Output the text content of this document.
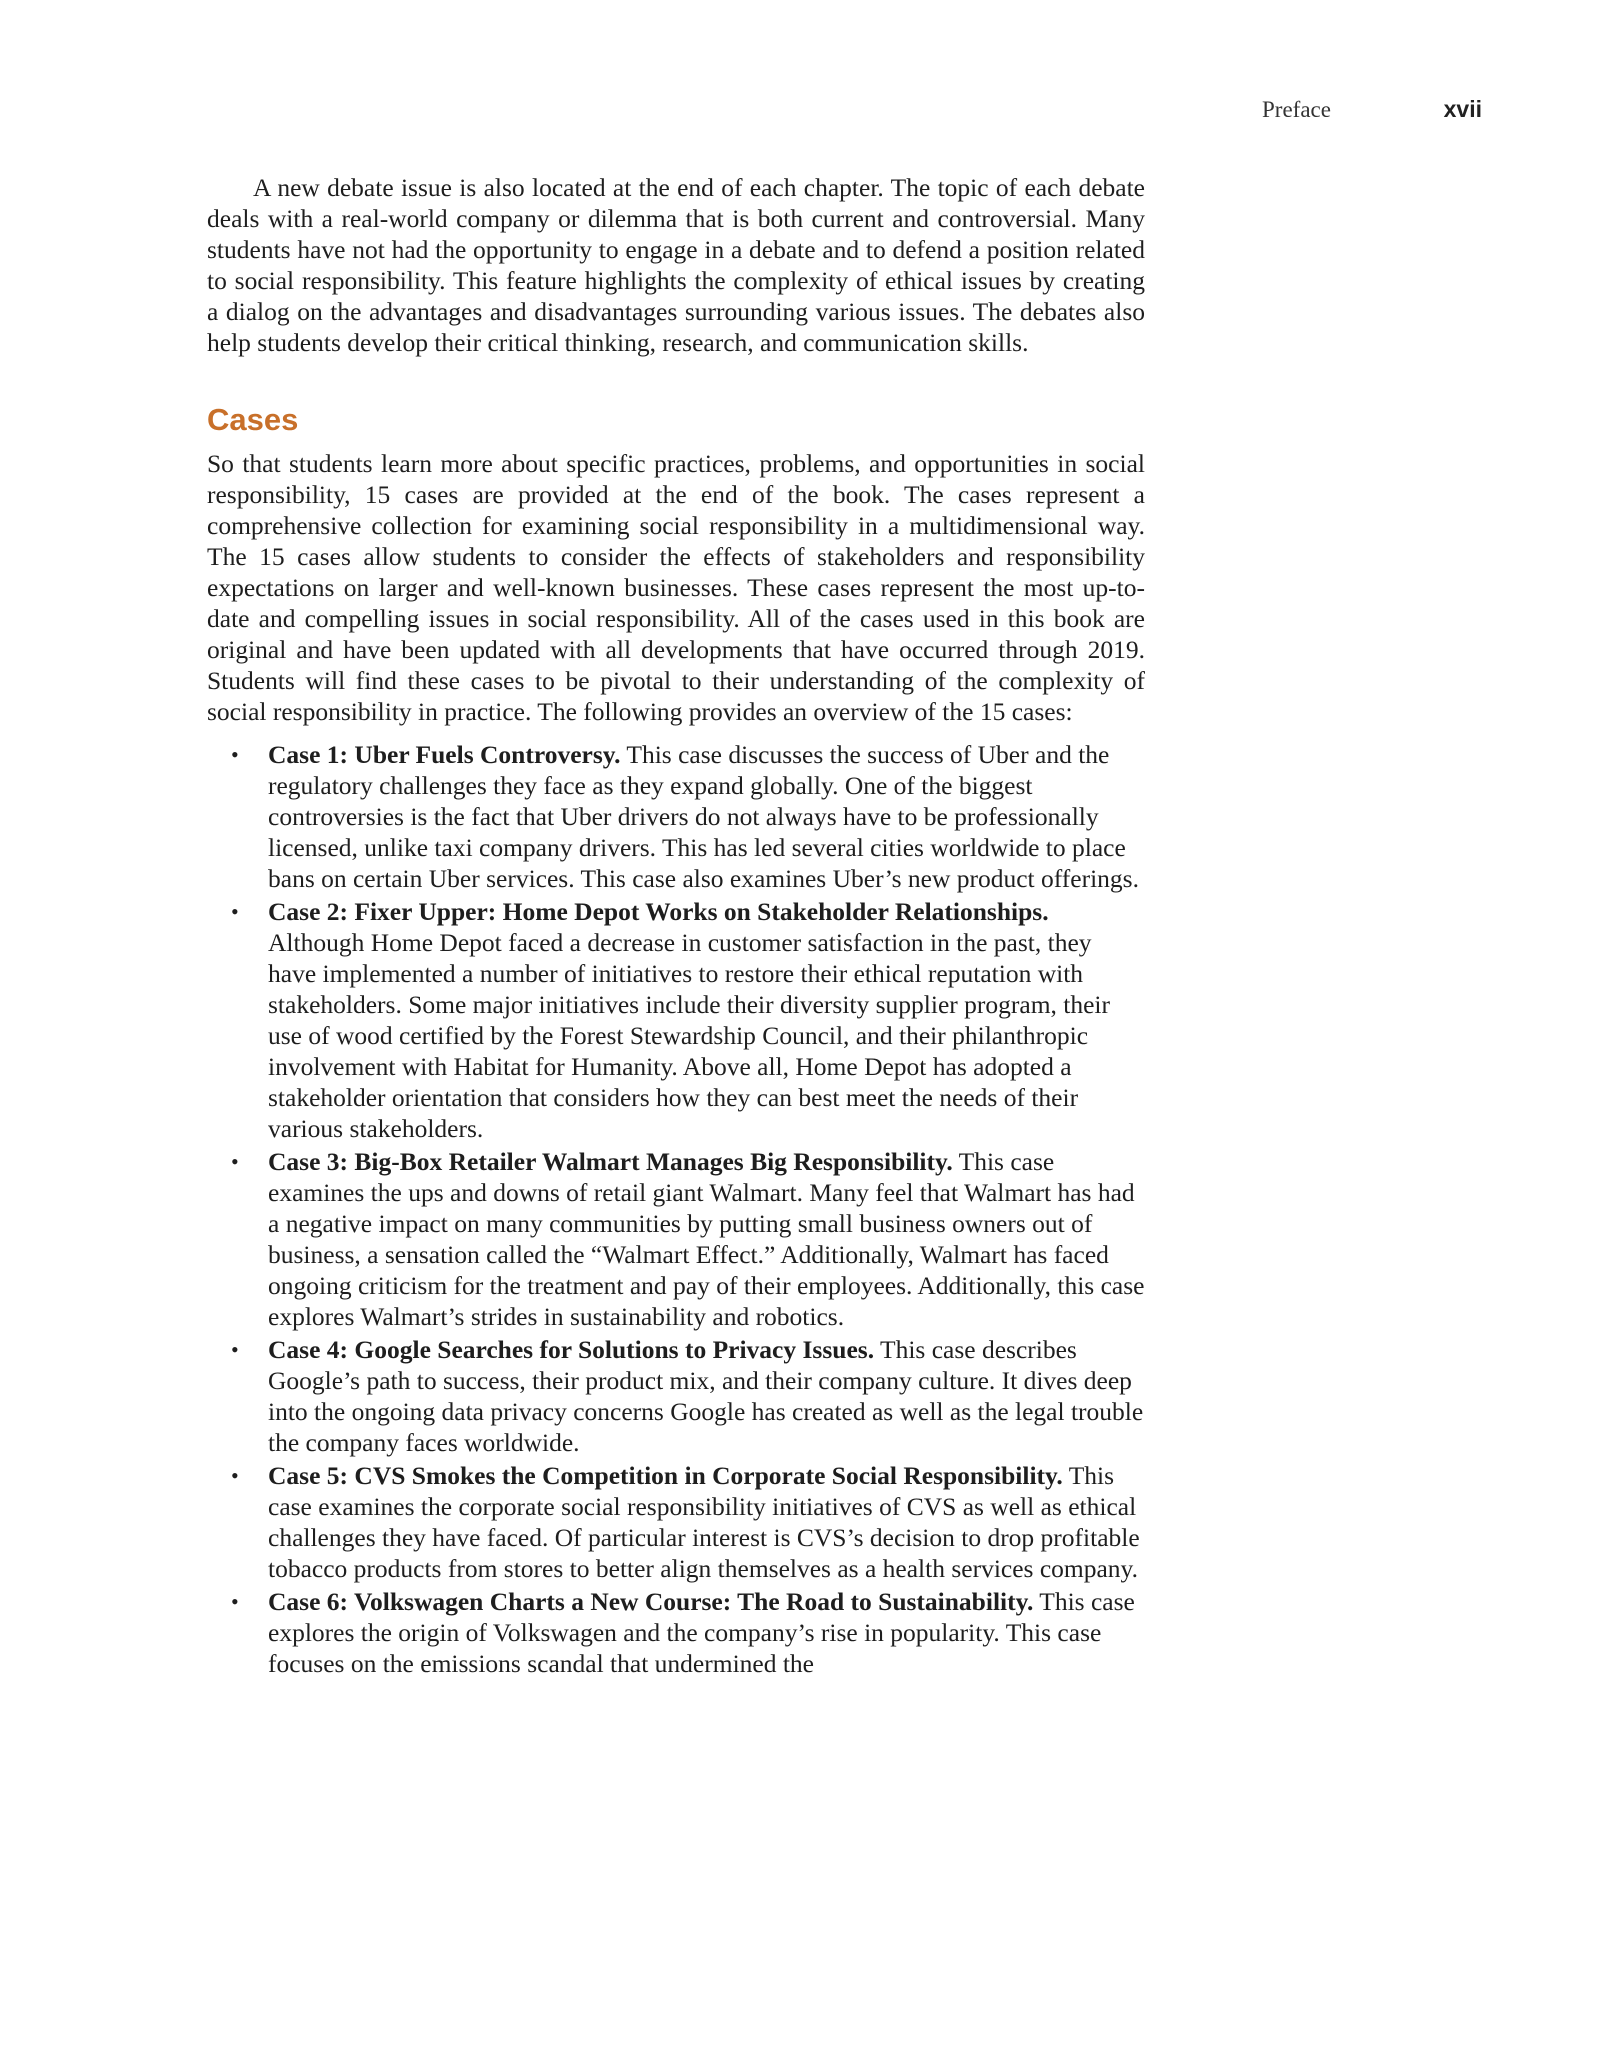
Preface	xvii

A new debate issue is also located at the end of each chapter. The topic of each debate deals with a real-world company or dilemma that is both current and controversial. Many students have not had the opportunity to engage in a debate and to defend a position related to social responsibility. This feature highlights the complexity of ethical issues by creating a dialog on the advantages and disadvantages surrounding various issues. The debates also help students develop their critical thinking, research, and communication skills.

Cases

So that students learn more about specific practices, problems, and opportunities in social responsibility, 15 cases are provided at the end of the book. The cases represent a comprehensive collection for examining social responsibility in a multidimensional way. The 15 cases allow students to consider the effects of stakeholders and responsibility expectations on larger and well-known businesses. These cases represent the most up-to-date and compelling issues in social responsibility. All of the cases used in this book are original and have been updated with all developments that have occurred through 2019. Students will find these cases to be pivotal to their understanding of the complexity of social responsibility in practice. The following provides an overview of the 15 cases:

• Case 1: Uber Fuels Controversy. This case discusses the success of Uber and the regulatory challenges they face as they expand globally. One of the biggest controversies is the fact that Uber drivers do not always have to be professionally licensed, unlike taxi company drivers. This has led several cities worldwide to place bans on certain Uber services. This case also examines Uber’s new product offerings.
• Case 2: Fixer Upper: Home Depot Works on Stakeholder Relationships. Although Home Depot faced a decrease in customer satisfaction in the past, they have implemented a number of initiatives to restore their ethical reputation with stakeholders. Some major initiatives include their diversity supplier program, their use of wood certified by the Forest Stewardship Council, and their philanthropic involvement with Habitat for Humanity. Above all, Home Depot has adopted a stakeholder orientation that considers how they can best meet the needs of their various stakeholders.
• Case 3: Big-Box Retailer Walmart Manages Big Responsibility. This case examines the ups and downs of retail giant Walmart. Many feel that Walmart has had a negative impact on many communities by putting small business owners out of business, a sensation called the “Walmart Effect.” Additionally, Walmart has faced ongoing criticism for the treatment and pay of their employees. Additionally, this case explores Walmart’s strides in sustainability and robotics.
• Case 4: Google Searches for Solutions to Privacy Issues. This case describes Google’s path to success, their product mix, and their company culture. It dives deep into the ongoing data privacy concerns Google has created as well as the legal trouble the company faces worldwide.
• Case 5: CVS Smokes the Competition in Corporate Social Responsibility. This case examines the corporate social responsibility initiatives of CVS as well as ethical challenges they have faced. Of particular interest is CVS’s decision to drop profitable tobacco products from stores to better align themselves as a health services company.
• Case 6: Volkswagen Charts a New Course: The Road to Sustainability. This case explores the origin of Volkswagen and the company’s rise in popularity. This case focuses on the emissions scandal that undermined the
